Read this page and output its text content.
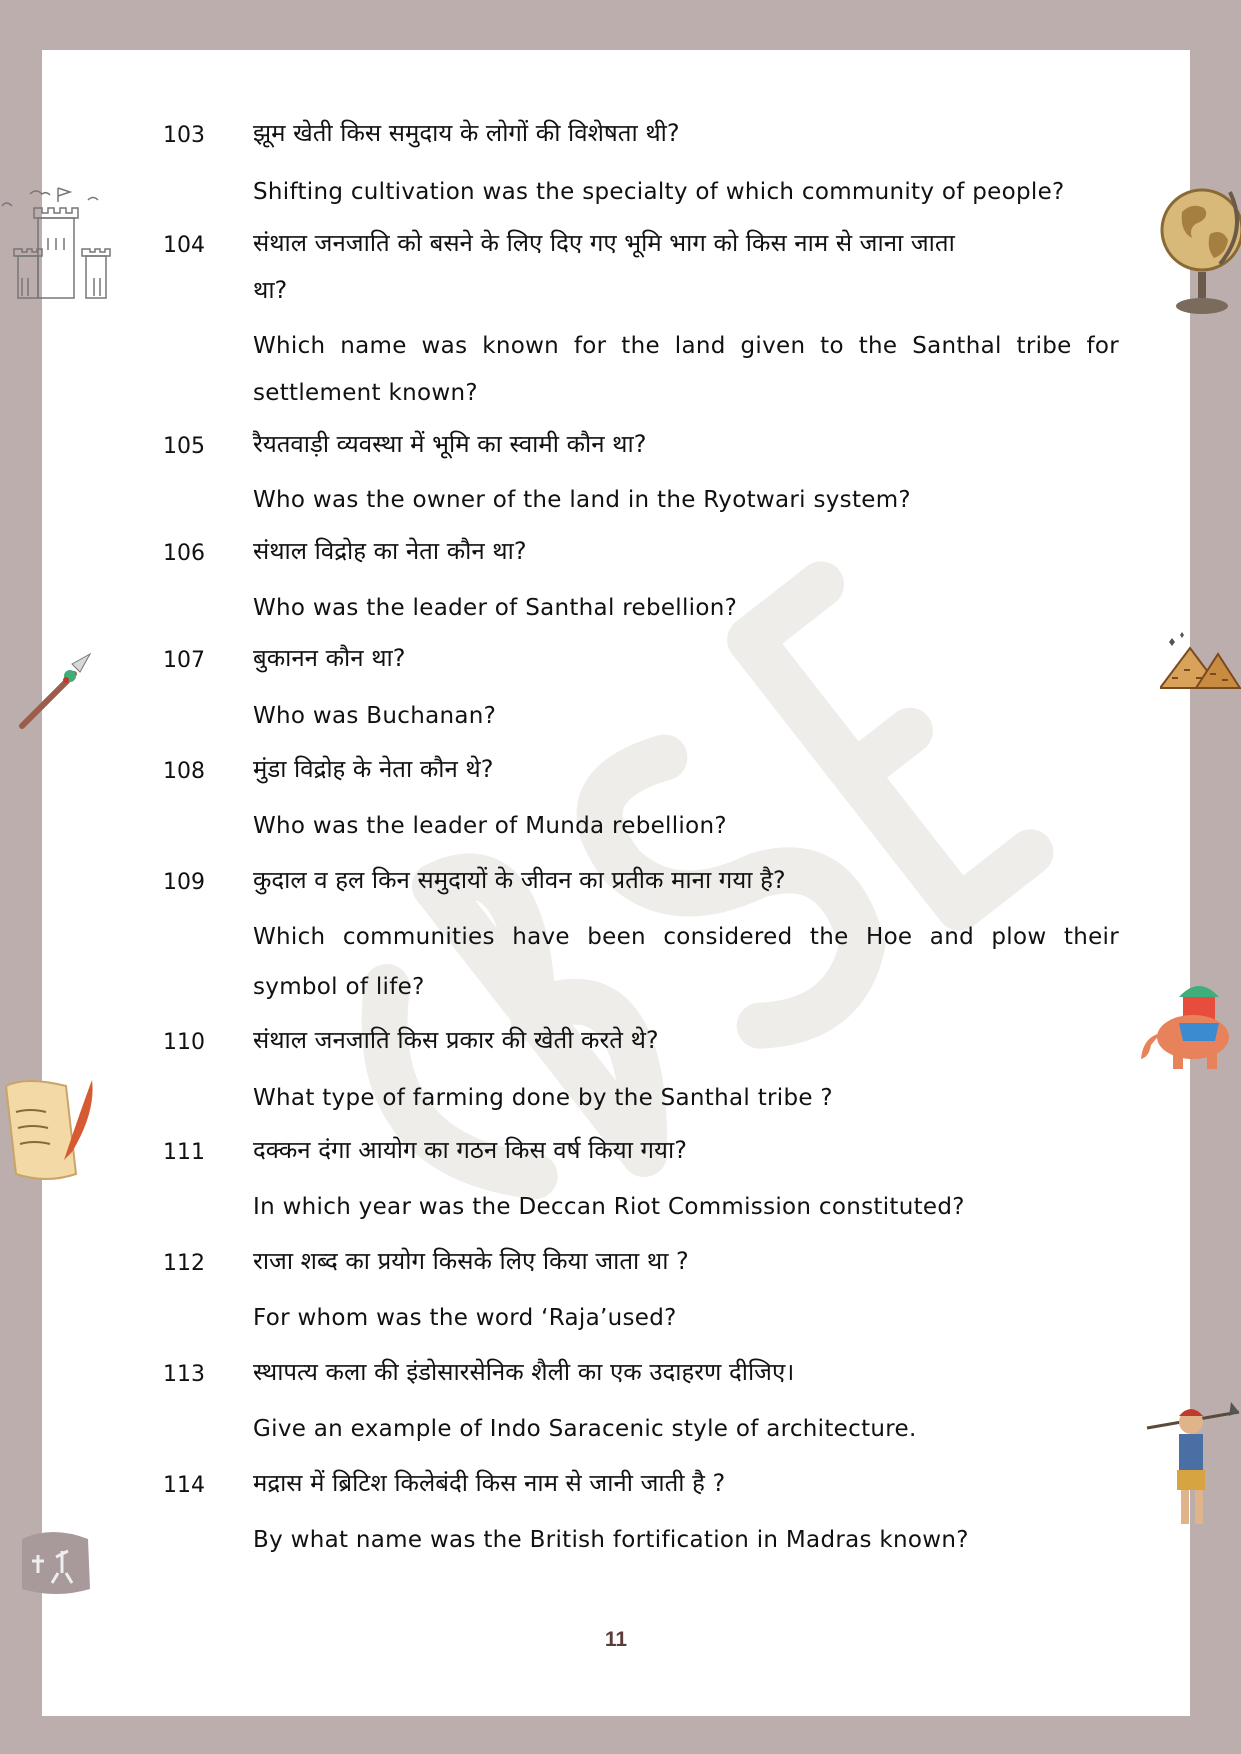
103 झूम खेती किस समुदाय के लोगों की विशेषता थी?
Shifting cultivation was the specialty of which community of people?
104 संथाल जनजाति को बसने के लिए दिए गए भूमि भाग को किस नाम से जाना जाता
था?
Which name was known for the land given to the Santhal tribe for
settlement known?
105 रैयतवाड़ी व्यवस्था में भूमि का स्वामी कौन था?
Who was the owner of the land in the Ryotwari system?
106 संथाल विद्रोह का नेता कौन था?
Who was the leader of Santhal rebellion?
107 बुकानन कौन था?
Who was Buchanan?
108 मुंडा विद्रोह के नेता कौन थे?
Who was the leader of Munda rebellion?
109 कुदाल व हल किन समुदायों के जीवन का प्रतीक माना गया है?
Which communities have been considered the Hoe and plow their
symbol of life?
110 संथाल जनजाति किस प्रकार की खेती करते थे?
What type of farming done by the Santhal tribe ?
111 दक्कन दंगा आयोग का गठन किस वर्ष किया गया?
In which year was the Deccan Riot Commission constituted?
112 राजा शब्द का प्रयोग किसके लिए किया जाता था ?
For whom was the word ‘Raja’used?
113 स्थापत्य कला की इंडोसारसेनिक शैली का एक उदाहरण दीजिए।
Give an example of Indo Saracenic style of architecture.
114 मद्रास में ब्रिटिश किलेबंदी किस नाम से जानी जाती है ?
By what name was the British fortification in Madras known?
11
